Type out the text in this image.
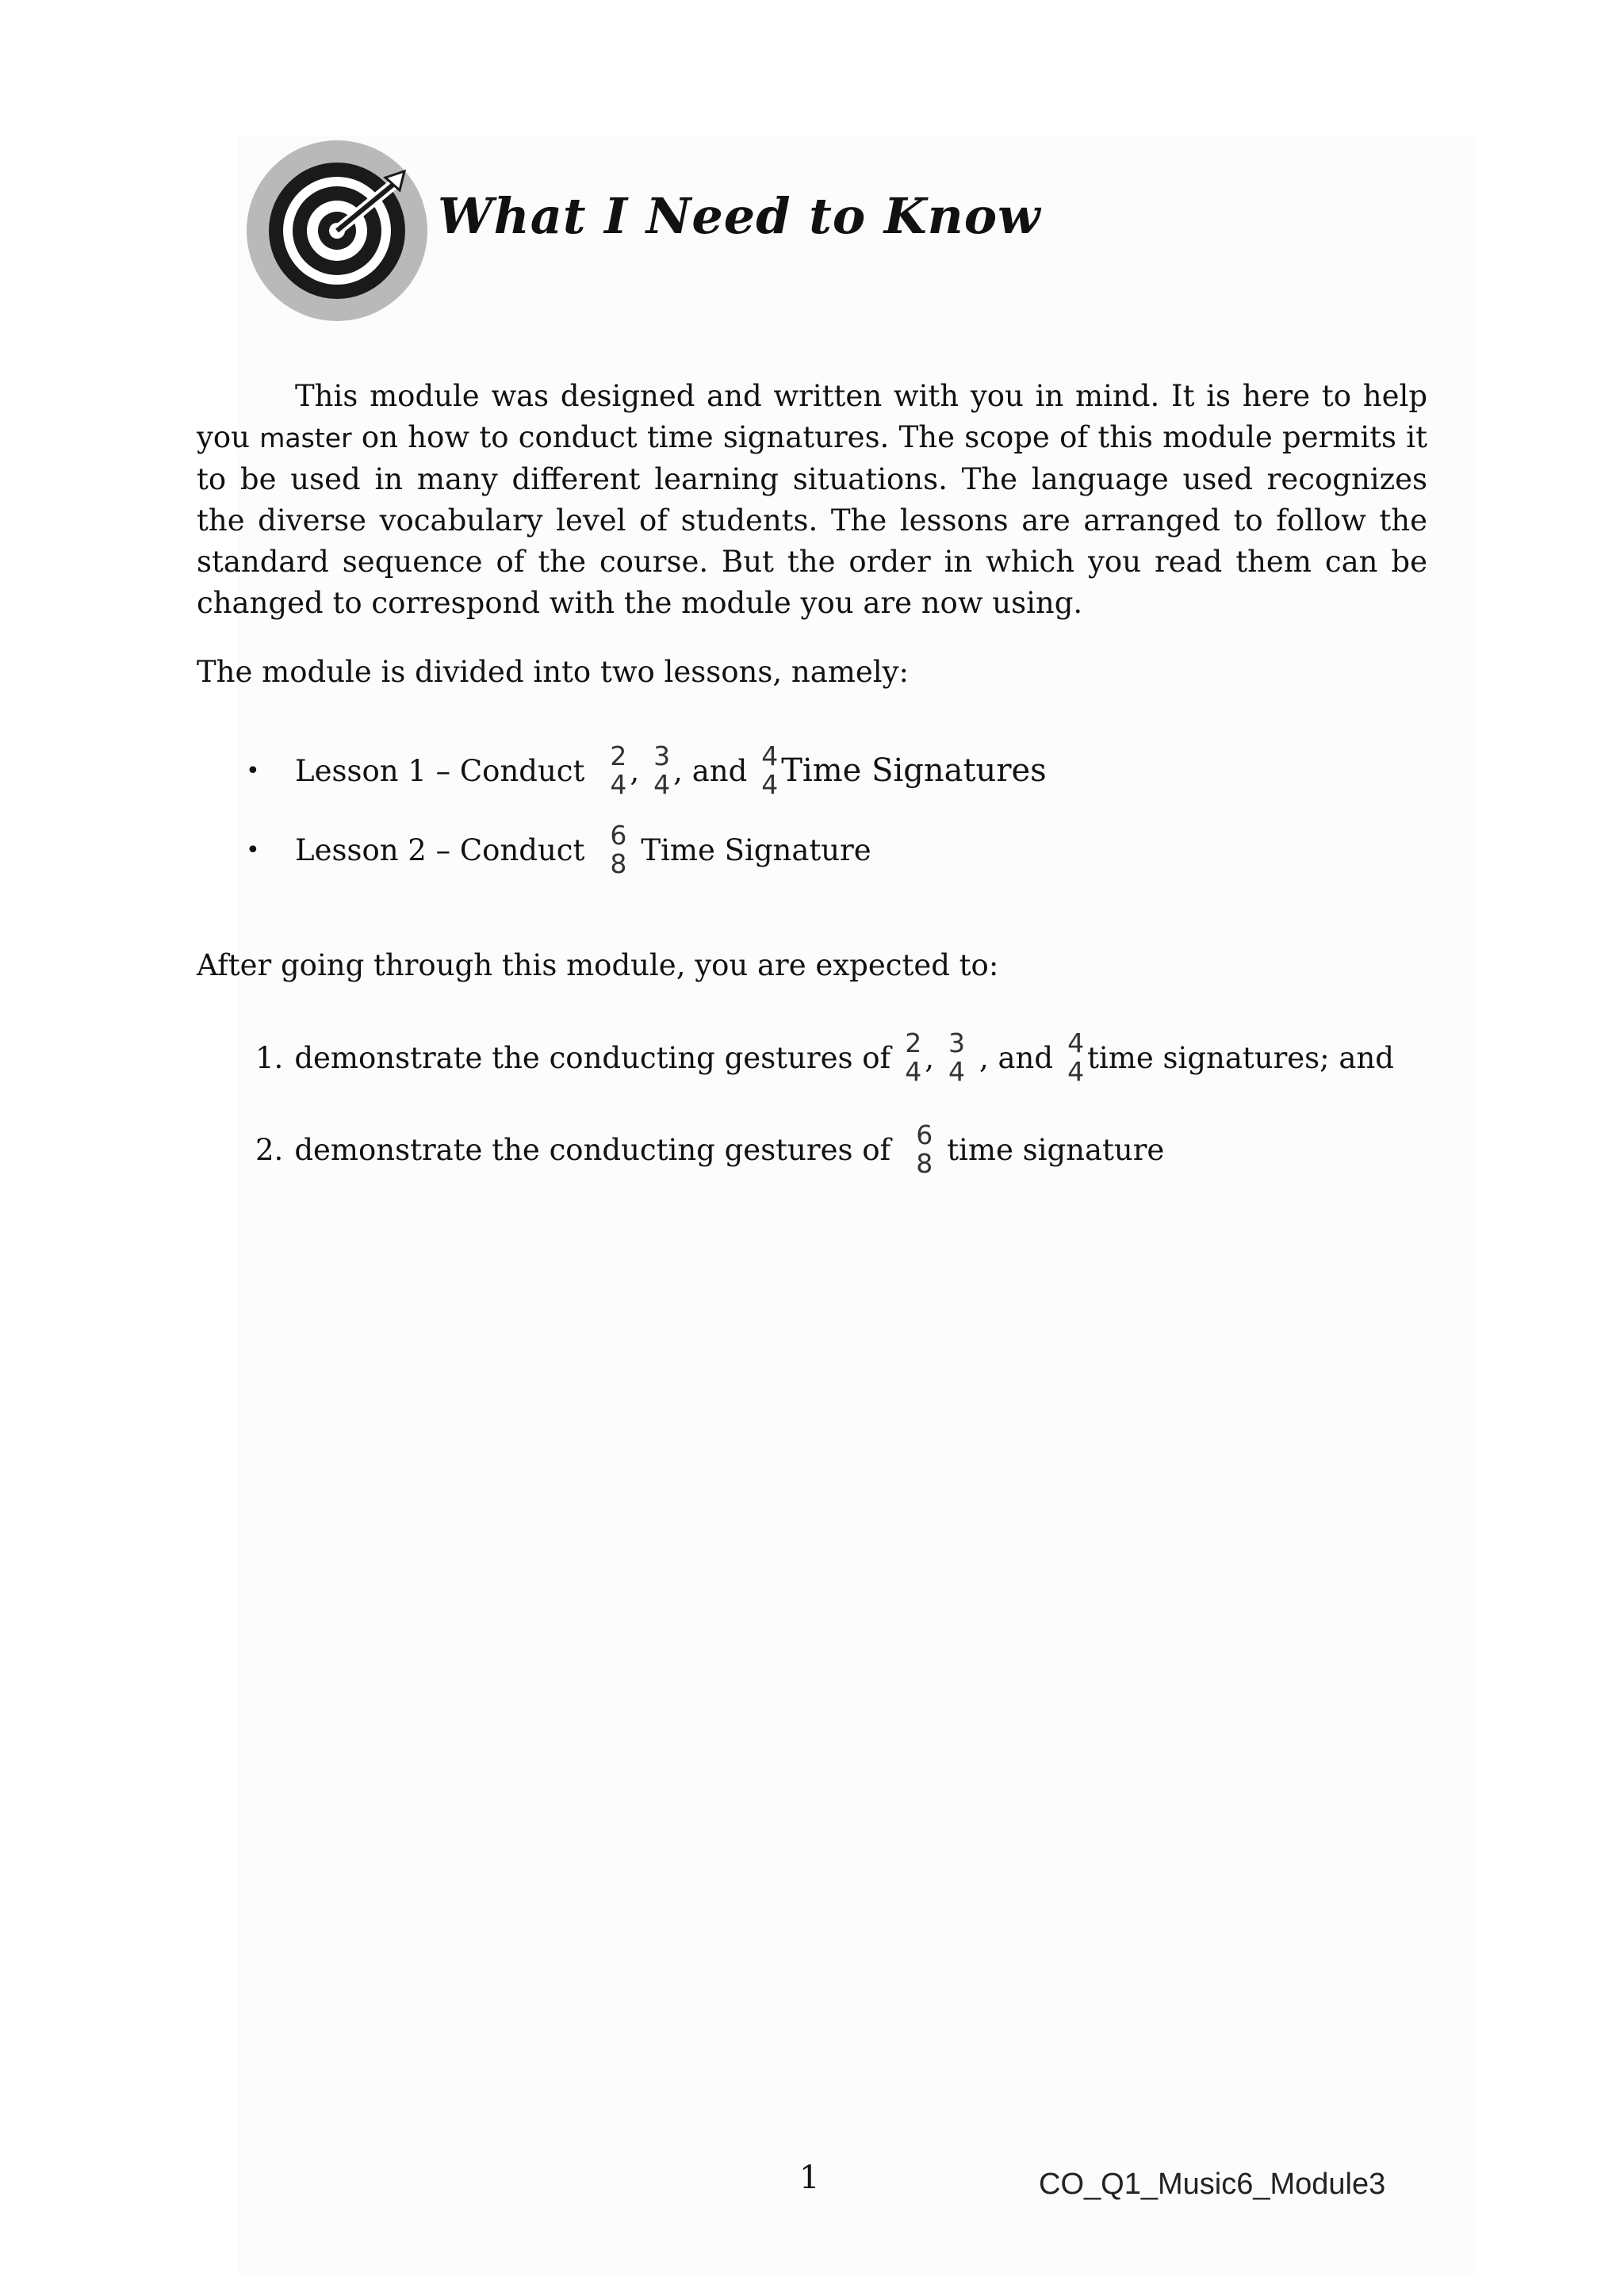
What I Need to Know
This module was designed and written with you in mind. It is here to help you master on how to conduct time signatures. The scope of this module permits it to be used in many different learning situations. The language used recognizes the diverse vocabulary level of students. The lessons are arranged to follow the standard sequence of the course. But the order in which you read them can be changed to correspond with the module you are now using.
The module is divided into two lessons, namely:
•	Lesson 1 – Conduct 2
4 , 3
4 , and 4
4 Time Signatures
•	Lesson 2 – Conduct 6
8 Time Signature
After going through this module, you are expected to:
1. demonstrate the conducting gestures of 2
4 , 3
4 , and 4
4 time signatures; and
2. demonstrate the conducting gestures of 6
8 time signature
1	CO_Q1_Music6_Module3
